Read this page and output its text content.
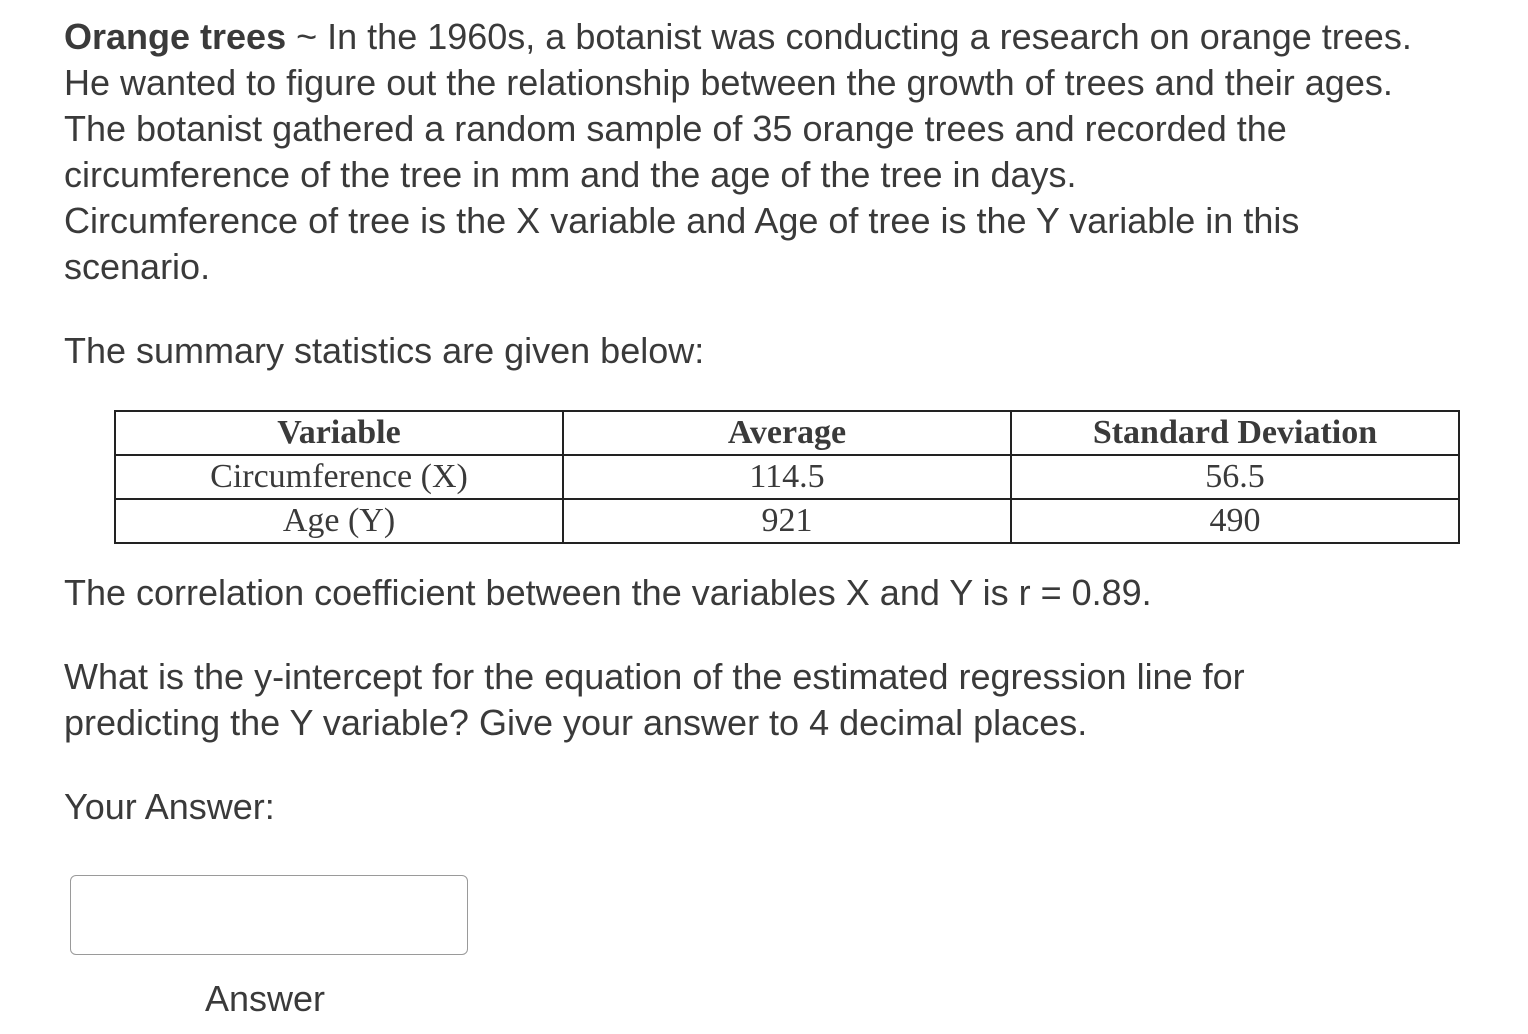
Orange trees ~ In the 1960s, a botanist was conducting a research on orange trees.
He wanted to figure out the relationship between the growth of trees and their ages.
The botanist gathered a random sample of 35 orange trees and recorded the
circumference of the tree in mm and the age of the tree in days.
Circumference of tree is the X variable and Age of tree is the Y variable in this
scenario.

The summary statistics are given below:

Variable	Average	Standard Deviation
Circumference (X)	114.5	56.5
Age (Y)	921	490

The correlation coefficient between the variables X and Y is r = 0.89.

What is the y-intercept for the equation of the estimated regression line for
predicting the Y variable? Give your answer to 4 decimal places.

Your Answer:

Answer
